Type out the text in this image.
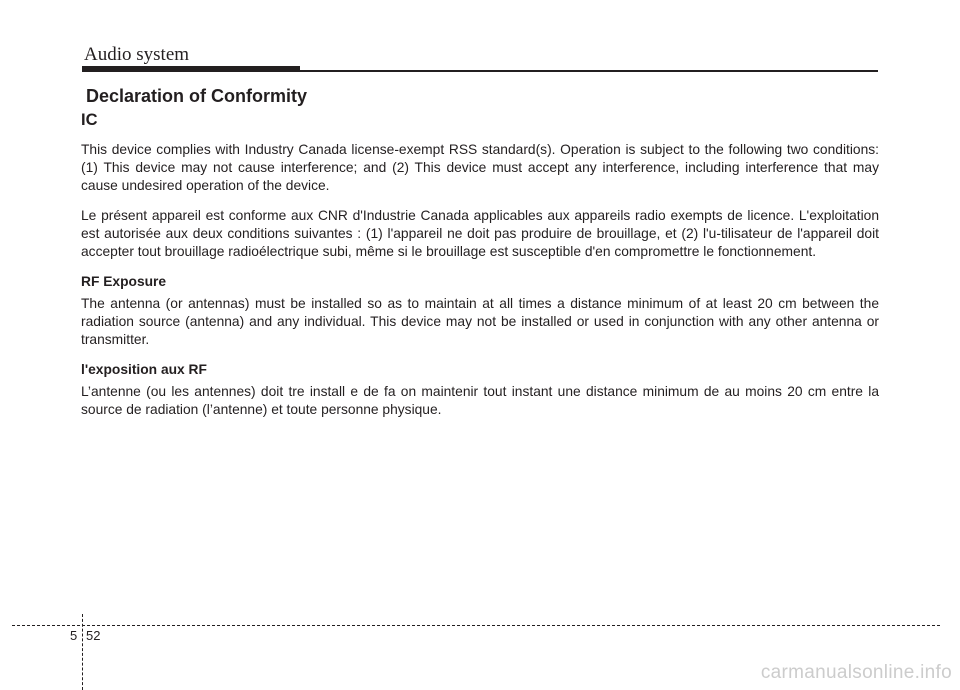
Audio system
Declaration of Conformity
IC

This device complies with Industry Canada license-exempt RSS standard(s). Operation is subject to the following two conditions: (1) This device may not cause interference; and (2) This device must accept any interference, including interference that may cause undesired operation of the device.

Le présent appareil est conforme aux CNR d'Industrie Canada applicables aux appareils radio exempts de licence. L'exploitation est autorisée aux deux conditions suivantes : (1) l'appareil ne doit pas produire de brouillage, et (2) l'u-tilisateur de l'appareil doit accepter tout brouillage radioélectrique subi, même si le brouillage est susceptible d'en compromettre le fonctionnement.

RF Exposure

The antenna (or antennas) must be installed so as to maintain at all times a distance minimum of at least 20 cm between the radiation source (antenna) and any individual. This device may not be installed or used in conjunction with any other antenna or transmitter.

l'exposition aux RF

L’antenne (ou les antennes) doit tre install e de fa on maintenir tout instant une distance minimum de au moins 20 cm entre la source de radiation (l’antenne) et toute personne physique.

5 52
carmanualsonline.info
